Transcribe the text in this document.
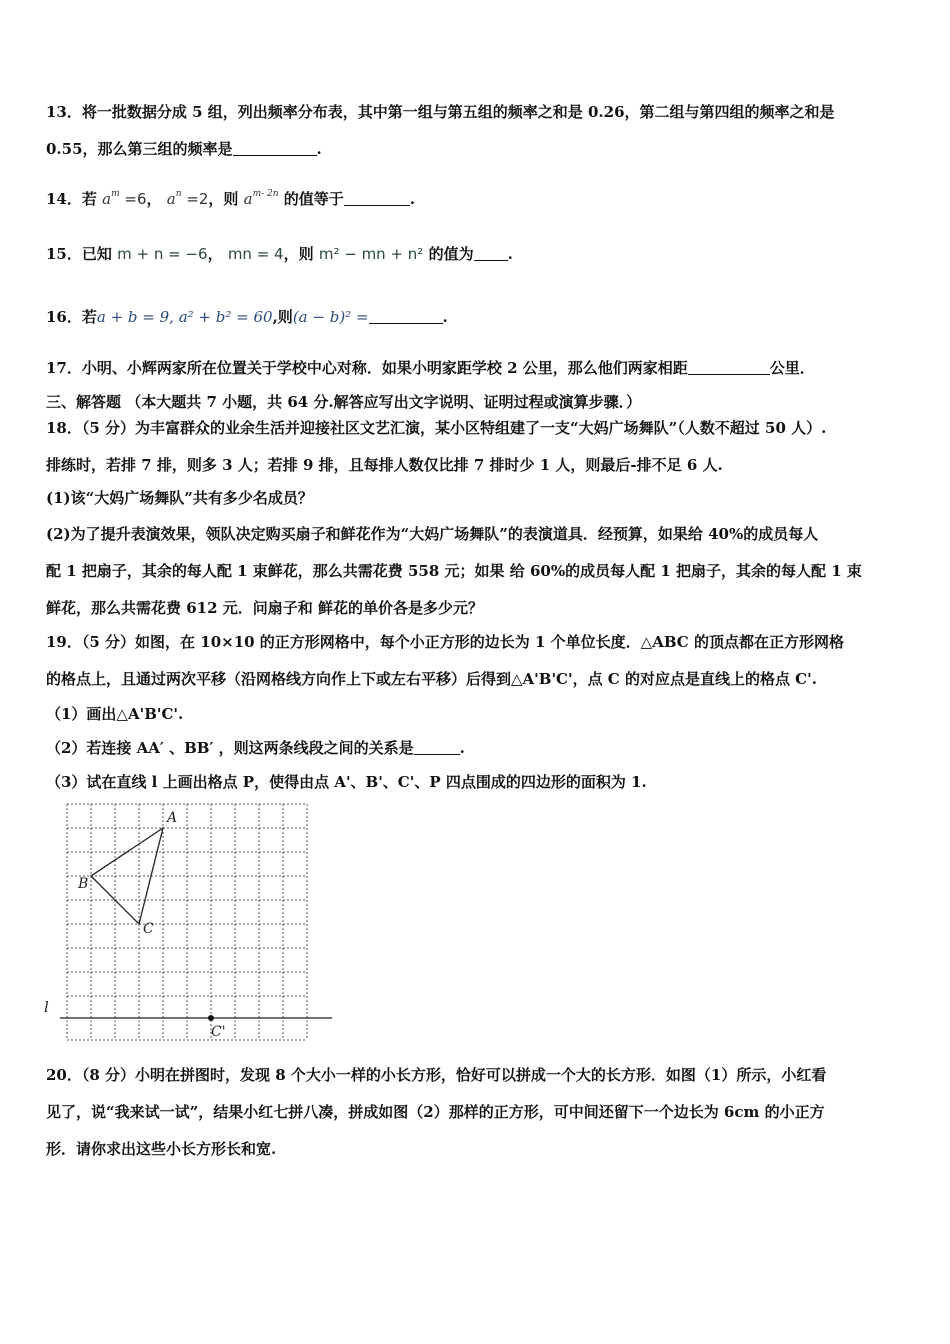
13．将一批数据分成 5 组，列出频率分布表，其中第一组与第五组的频率之和是 0.26，第二组与第四组的频率之和是
0.55，那么第三组的频率是	.
14．若 $a^m =6$， $a^n =2$，则 $a^{m- 2n}$ 的值等于	.
15．已知 m + n = −6， mn = 4，则 m² − mn + n² 的值为 .
16．若a + b = 9, a² + b² = 60,则(a − b)² =	.
17．小明、小辉两家所在位置关于学校中心对称．如果小明家距学校 2 公里，那么他们两家相距	公里．
三、解答题 （本大题共 7 小题，共 64 分.解答应写出文字说明、证明过程或演算步骤．）
18．（5 分）为丰富群众的业余生活并迎接社区文艺汇演，某小区特组建了一支“大妈广场舞队”（人数不超过 50 人）.
排练时，若排 7 排，则多 3 人；若排 9 排，且每排人数仅比排 7 排时少 1 人，则最后-排不足 6 人.
(1)该“大妈广场舞队”共有多少名成员？
(2)为了提升表演效果，领队决定购买扇子和鲜花作为“大妈广场舞队”的表演道具．经预算，如果给 40%的成员每人
配 1 把扇子，其余的每人配 1 束鲜花，那么共需花费 558 元；如果 给 60%的成员每人配 1 把扇子，其余的每人配 1 束
鲜花，那么共需花费 612 元．问扇子和 鲜花的单价各是多少元？
19．（5 分）如图，在 10×10 的正方形网格中，每个小正方形的边长为 1 个单位长度．△ABC 的顶点都在正方形网格
的格点上，且通过两次平移（沿网格线方向作上下或左右平移）后得到△A'B'C'，点 C 的对应点是直线上的格点 C'.
（1）画出△A'B'C'.
（2）若连接 AA′ 、BB′ ，则这两条线段之间的关系是	.
（3）试在直线 l 上画出格点 P，使得由点 A'、B'、C'、P 四点围成的四边形的面积为 1.
A
B
C
C'
l
20．（8 分）小明在拼图时，发现 8 个大小一样的小长方形，恰好可以拼成一个大的长方形．如图（1）所示，小红看
见了，说“我来试一试”，结果小红七拼八凑，拼成如图（2）那样的正方形，可中间还留下一个边长为 6cm 的小正方
形．请你求出这些小长方形长和宽.
